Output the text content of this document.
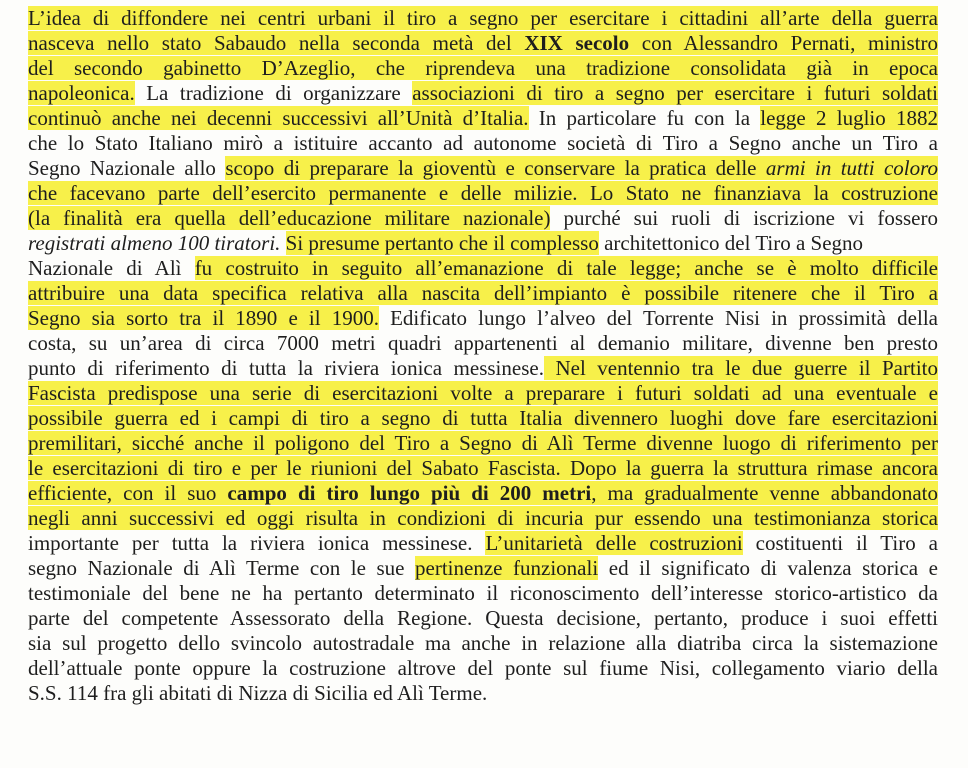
L’idea di diffondere nei centri urbani il tiro a segno per esercitare i cittadini all’arte della guerra
nasceva nello stato Sabaudo nella seconda metà del XIX secolo con Alessandro Pernati, ministro
del secondo gabinetto D’Azeglio, che riprendeva una tradizione consolidata già in epoca
napoleonica. La tradizione di organizzare associazioni di tiro a segno per esercitare i futuri soldati
continuò anche nei decenni successivi all’Unità d’Italia. In particolare fu con la legge 2 luglio 1882
che lo Stato Italiano mirò a istituire accanto ad autonome società di Tiro a Segno anche un Tiro a
Segno Nazionale allo scopo di preparare la gioventù e conservare la pratica delle armi in tutti coloro
che facevano parte dell’esercito permanente e delle milizie. Lo Stato ne finanziava la costruzione
(la finalità era quella dell’educazione militare nazionale) purché sui ruoli di iscrizione vi fossero
registrati almeno 100 tiratori. Si presume pertanto che il complesso architettonico del Tiro a Segno
Nazionale di Alì fu costruito in seguito all’emanazione di tale legge; anche se è molto difficile
attribuire una data specifica relativa alla nascita dell’impianto è possibile ritenere che il Tiro a
Segno sia sorto tra il 1890 e il 1900. Edificato lungo l’alveo del Torrente Nisi in prossimità della
costa, su un’area di circa 7000 metri quadri appartenenti al demanio militare, divenne ben presto
punto di riferimento di tutta la riviera ionica messinese. Nel ventennio tra le due guerre il Partito
Fascista predispose una serie di esercitazioni volte a preparare i futuri soldati ad una eventuale e
possibile guerra ed i campi di tiro a segno di tutta Italia divennero luoghi dove fare esercitazioni
premilitari, sicché anche il poligono del Tiro a Segno di Alì Terme divenne luogo di riferimento per
le esercitazioni di tiro e per le riunioni del Sabato Fascista. Dopo la guerra la struttura rimase ancora
efficiente, con il suo campo di tiro lungo più di 200 metri, ma gradualmente venne abbandonato
negli anni successivi ed oggi risulta in condizioni di incuria pur essendo una testimonianza storica
importante per tutta la riviera ionica messinese. L’unitarietà delle costruzioni costituenti il Tiro a
segno Nazionale di Alì Terme con le sue pertinenze funzionali ed il significato di valenza storica e
testimoniale del bene ne ha pertanto determinato il riconoscimento dell’interesse storico-artistico da
parte del competente Assessorato della Regione. Questa decisione, pertanto, produce i suoi effetti
sia sul progetto dello svincolo autostradale ma anche in relazione alla diatriba circa la sistemazione
dell’attuale ponte oppure la costruzione altrove del ponte sul fiume Nisi, collegamento viario della
S.S. 114 fra gli abitati di Nizza di Sicilia ed Alì Terme.
